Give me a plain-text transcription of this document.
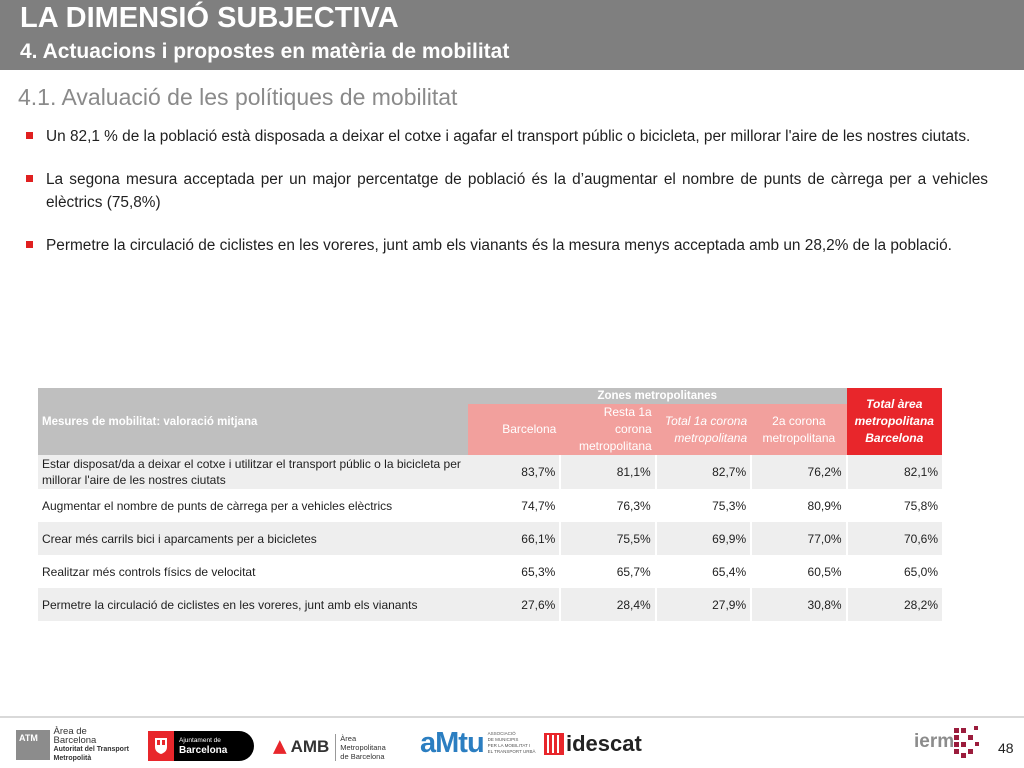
LA DIMENSIÓ SUBJECTIVA
4. Actuacions i propostes en matèria de mobilitat
4.1. Avaluació de les polítiques de mobilitat
Un 82,1 % de la població està disposada a deixar el cotxe i agafar el transport públic o bicicleta, per millorar l'aire de les nostres ciutats.
La segona mesura acceptada per un major percentatge de població és la d’augmentar el nombre de punts de càrrega per a vehicles elèctrics (75,8%)
Permetre la circulació de ciclistes en les voreres, junt amb els vianants és la mesura menys acceptada amb un 28,2% de la població.
Mesures de mobilitat: valoració mitjana	Zones metropolitanes				Total àrea metropolitana Barcelona
	Barcelona	Resta 1a corona metropolitana	Total 1a corona metropolitana	2a corona metropolitana	
Estar disposat/da a deixar el cotxe i utilitzar el transport públic o la bicicleta per millorar l'aire de les nostres ciutats	83,7%	81,1%	82,7%	76,2%	82,1%
Augmentar el nombre de punts de càrrega per a vehicles elèctrics	74,7%	76,3%	75,3%	80,9%	75,8%
Crear més carrils bici i aparcaments per a bicicletes	66,1%	75,5%	69,9%	77,0%	70,6%
Realitzar més controls físics de velocitat	65,3%	65,7%	65,4%	60,5%	65,0%
Permetre la circulació de ciclistes en les voreres, junt amb els vianants	27,6%	28,4%	27,9%	30,8%	28,2%
ATM
Àrea de Barcelona
Autoritat del Transport
Metropolità
Ajuntament de
Barcelona	AMB Àrea Metropolitana
de Barcelona	aMtu ASSOCIACIÓ
DE MUNICIPIS
PER LA MOBILITAT I
EL TRANSPORT URBÀ idescat	ierm	48
